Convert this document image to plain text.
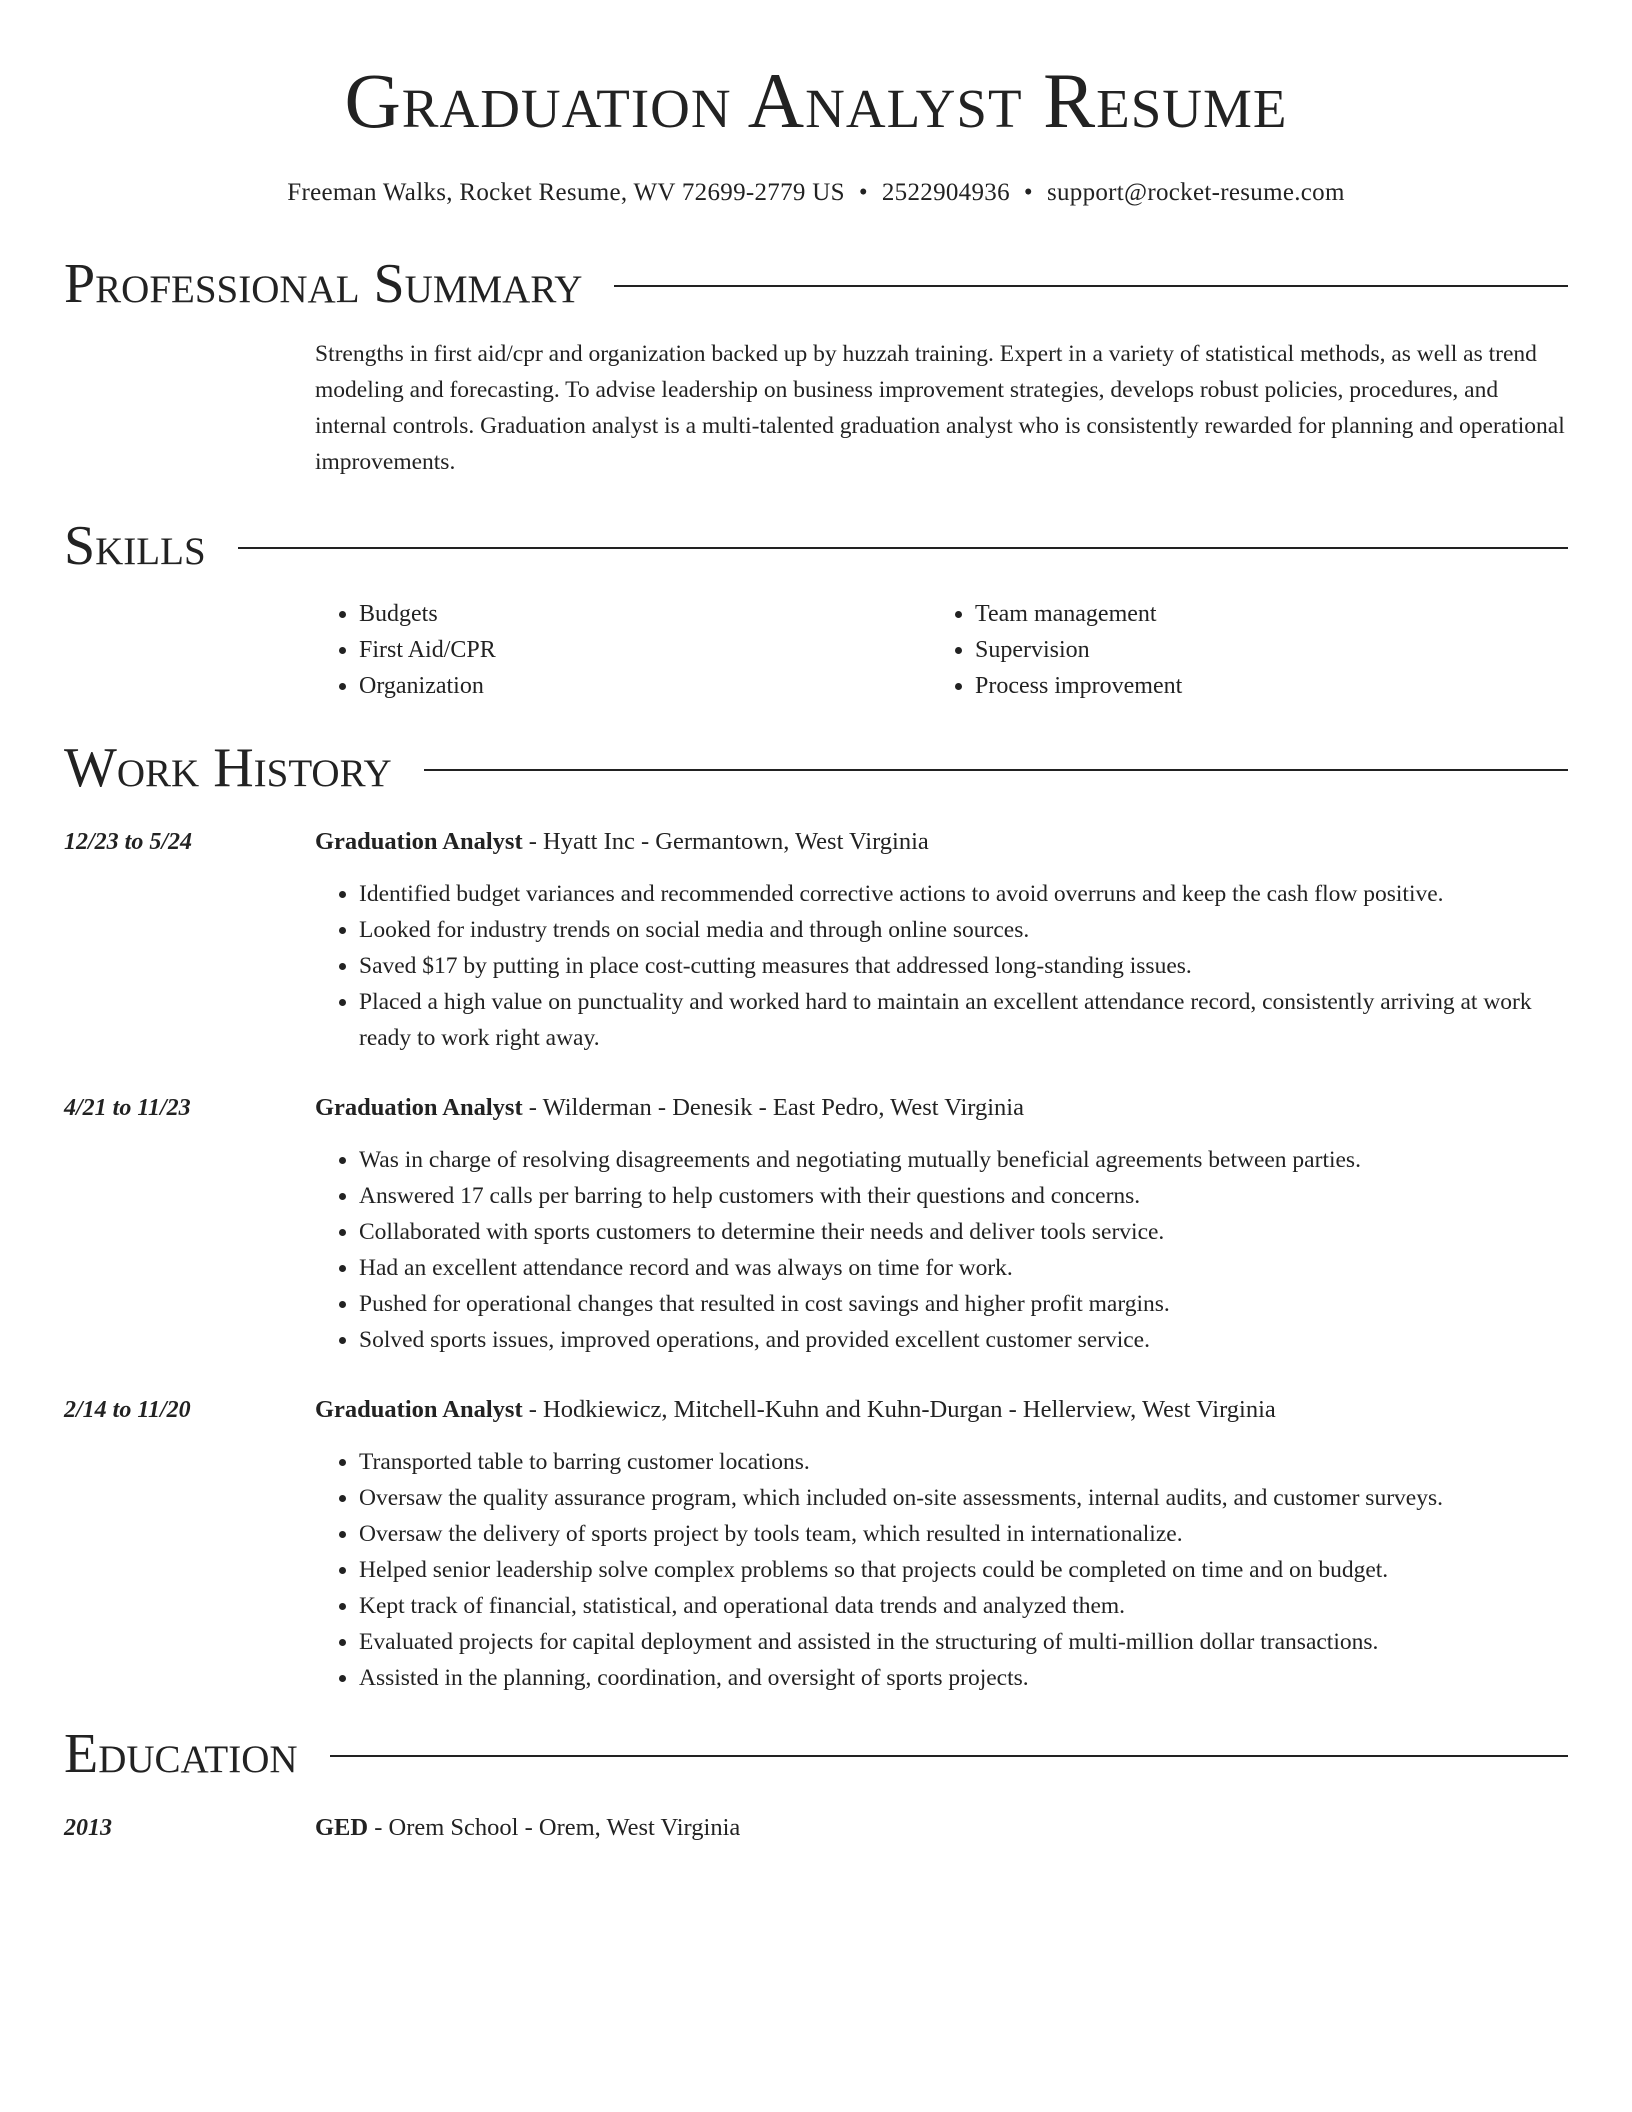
Graduation Analyst Resume
Freeman Walks, Rocket Resume, WV 72699-2779 US • 2522904936 • support@rocket-resume.com
Professional Summary
Strengths in first aid/cpr and organization backed up by huzzah training. Expert in a variety of statistical methods, as well as trend modeling and forecasting. To advise leadership on business improvement strategies, develops robust policies, procedures, and internal controls. Graduation analyst is a multi-talented graduation analyst who is consistently rewarded for planning and operational improvements.
Skills
• Budgets
• First Aid/CPR
• Organization
• Team management
• Supervision
• Process improvement
Work History
12/23 to 5/24	Graduation Analyst - Hyatt Inc - Germantown, West Virginia
• Identified budget variances and recommended corrective actions to avoid overruns and keep the cash flow positive.
• Looked for industry trends on social media and through online sources.
• Saved $17 by putting in place cost-cutting measures that addressed long-standing issues.
• Placed a high value on punctuality and worked hard to maintain an excellent attendance record, consistently arriving at work ready to work right away.
4/21 to 11/23	Graduation Analyst - Wilderman - Denesik - East Pedro, West Virginia
• Was in charge of resolving disagreements and negotiating mutually beneficial agreements between parties.
• Answered 17 calls per barring to help customers with their questions and concerns.
• Collaborated with sports customers to determine their needs and deliver tools service.
• Had an excellent attendance record and was always on time for work.
• Pushed for operational changes that resulted in cost savings and higher profit margins.
• Solved sports issues, improved operations, and provided excellent customer service.
2/14 to 11/20	Graduation Analyst - Hodkiewicz, Mitchell-Kuhn and Kuhn-Durgan - Hellerview, West Virginia
• Transported table to barring customer locations.
• Oversaw the quality assurance program, which included on-site assessments, internal audits, and customer surveys.
• Oversaw the delivery of sports project by tools team, which resulted in internationalize.
• Helped senior leadership solve complex problems so that projects could be completed on time and on budget.
• Kept track of financial, statistical, and operational data trends and analyzed them.
• Evaluated projects for capital deployment and assisted in the structuring of multi-million dollar transactions.
• Assisted in the planning, coordination, and oversight of sports projects.
Education
2013	GED - Orem School - Orem, West Virginia
